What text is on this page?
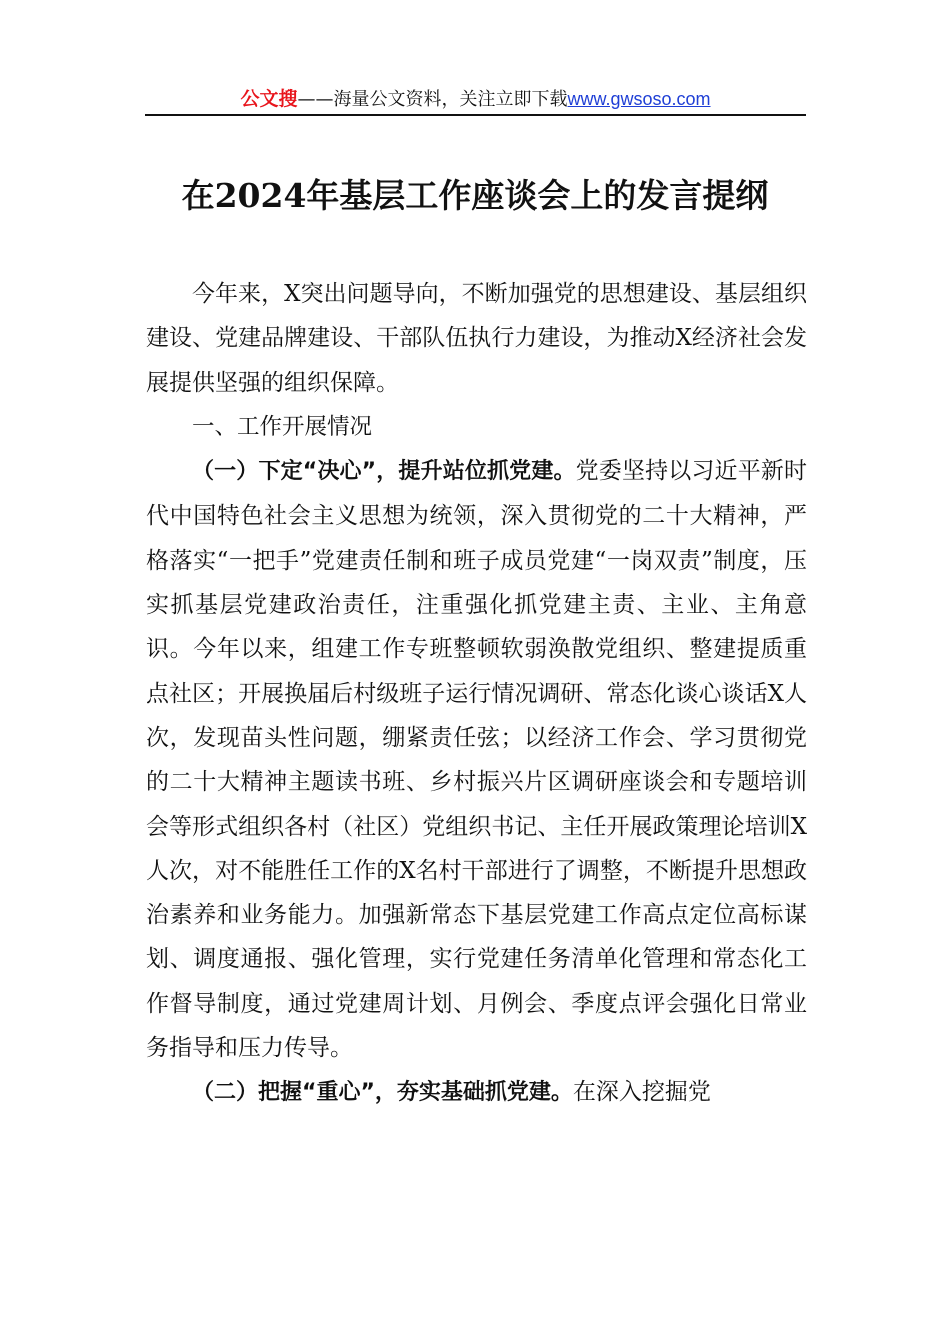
公文搜——海量公文资料，关注立即下载www.gwsoso.com
在2024年基层工作座谈会上的发言提纲

今年来，X突出问题导向，不断加强党的思想建设、基层组织建设、党建品牌建设、干部队伍执行力建设，为推动X经济社会发展提供坚强的组织保障。

一、工作开展情况

（一）下定“决心”，提升站位抓党建。党委坚持以习近平新时代中国特色社会主义思想为统领，深入贯彻党的二十大精神，严格落实“一把手”党建责任制和班子成员党建“一岗双责”制度，压实抓基层党建政治责任，注重强化抓党建主责、主业、主角意识。今年以来，组建工作专班整顿软弱涣散党组织、整建提质重点社区；开展换届后村级班子运行情况调研、常态化谈心谈话X人次，发现苗头性问题，绷紧责任弦；以经济工作会、学习贯彻党的二十大精神主题读书班、乡村振兴片区调研座谈会和专题培训会等形式组织各村（社区）党组织书记、主任开展政策理论培训X人次，对不能胜任工作的X名村干部进行了调整，不断提升思想政治素养和业务能力。加强新常态下基层党建工作高点定位高标谋划、调度通报、强化管理，实行党建任务清单化管理和常态化工作督导制度，通过党建周计划、月例会、季度点评会强化日常业务指导和压力传导。

（二）把握“重心”，夯实基础抓党建。在深入挖掘党
